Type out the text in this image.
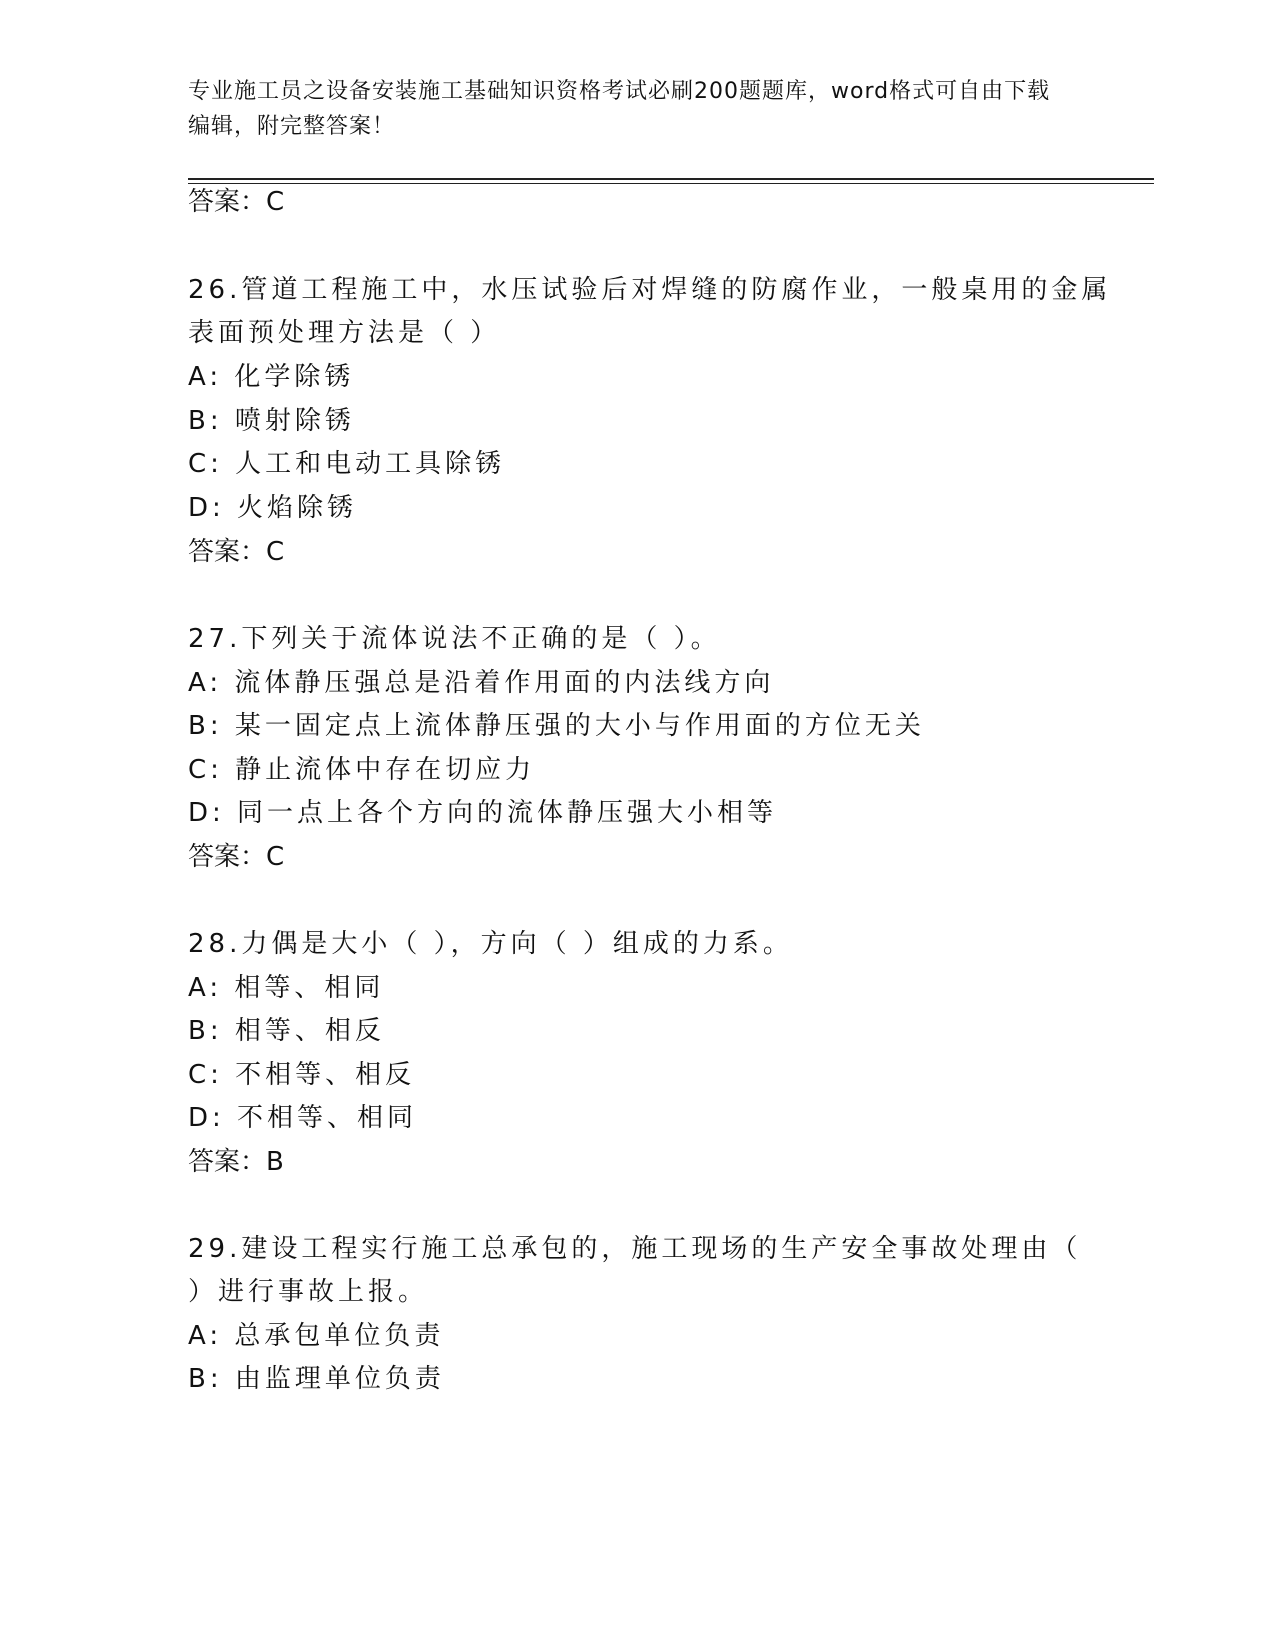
专业施工员之设备安装施工基础知识资格考试必刷200题题库，word格式可自由下载编辑，附完整答案！
答案：C
26.管道工程施工中，水压试验后对焊缝的防腐作业，一般桌用的金属
表面预处理方法是（ ）
A: 化学除锈
B: 喷射除锈
C: 人工和电动工具除锈
D: 火焰除锈
答案：C
27.下列关于流体说法不正确的是（ ）。
A: 流体静压强总是沿着作用面的内法线方向
B: 某一固定点上流体静压强的大小与作用面的方位无关
C: 静止流体中存在切应力
D: 同一点上各个方向的流体静压强大小相等
答案：C
28.力偶是大小（ ），方向（ ）组成的力系。
A: 相等、相同
B: 相等、相反
C: 不相等、相反
D: 不相等、相同
答案：B
29.建设工程实行施工总承包的，施工现场的生产安全事故处理由（
）进行事故上报。
A: 总承包单位负责
B: 由监理单位负责
